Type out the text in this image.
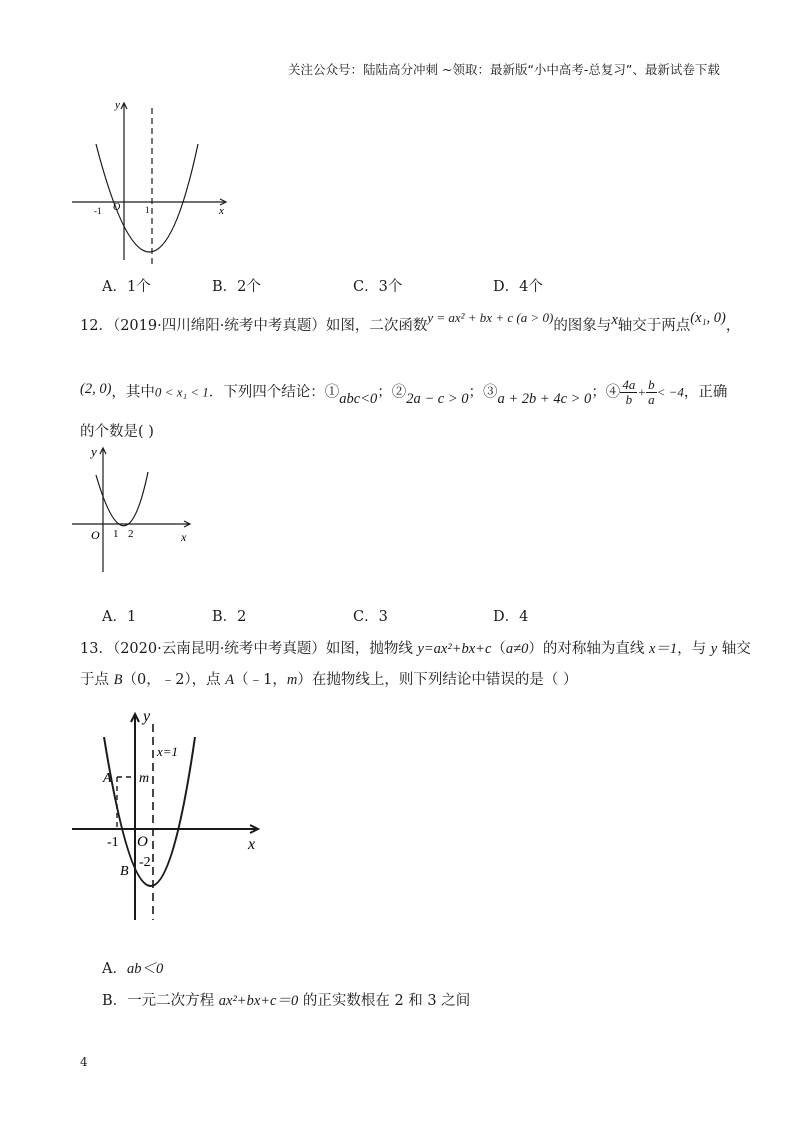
关注公众号：陆陆高分冲刺 ~领取：最新版“小中高考-总复习”、最新试卷下载
y
x
O
-1	1
A．1个	B．2个	C．3个	D．4个
12．（2019·四川绵阳·统考中考真题）如图，二次函数y = ax² + bx + c (a > 0)的图象与x轴交于两点(x₁, 0)，
(2, 0)，其中0 < x₁ < 1．下列四个结论：①abc<0；②2a − c > 0；③a + 2b + 4c > 0；④ $\frac{4a}{b} + \frac{b}{a} < -4$，正确
的个数是( )
y
x
O 1 2
A．1	B．2	C．3	D．4
13．（2020·云南昆明·统考中考真题）如图，抛物线 y=ax²+bx+c（a≠0）的对称轴为直线 x＝1，与 y 轴交
于点 B（0，﹣2），点 A（﹣1，m）在抛物线上，则下列结论中错误的是（ ）
y
x
O
x=1
A m
-1
-2
B
A．ab＜0
B．一元二次方程 ax²+bx+c＝0 的正实数根在 2 和 3 之间
4
